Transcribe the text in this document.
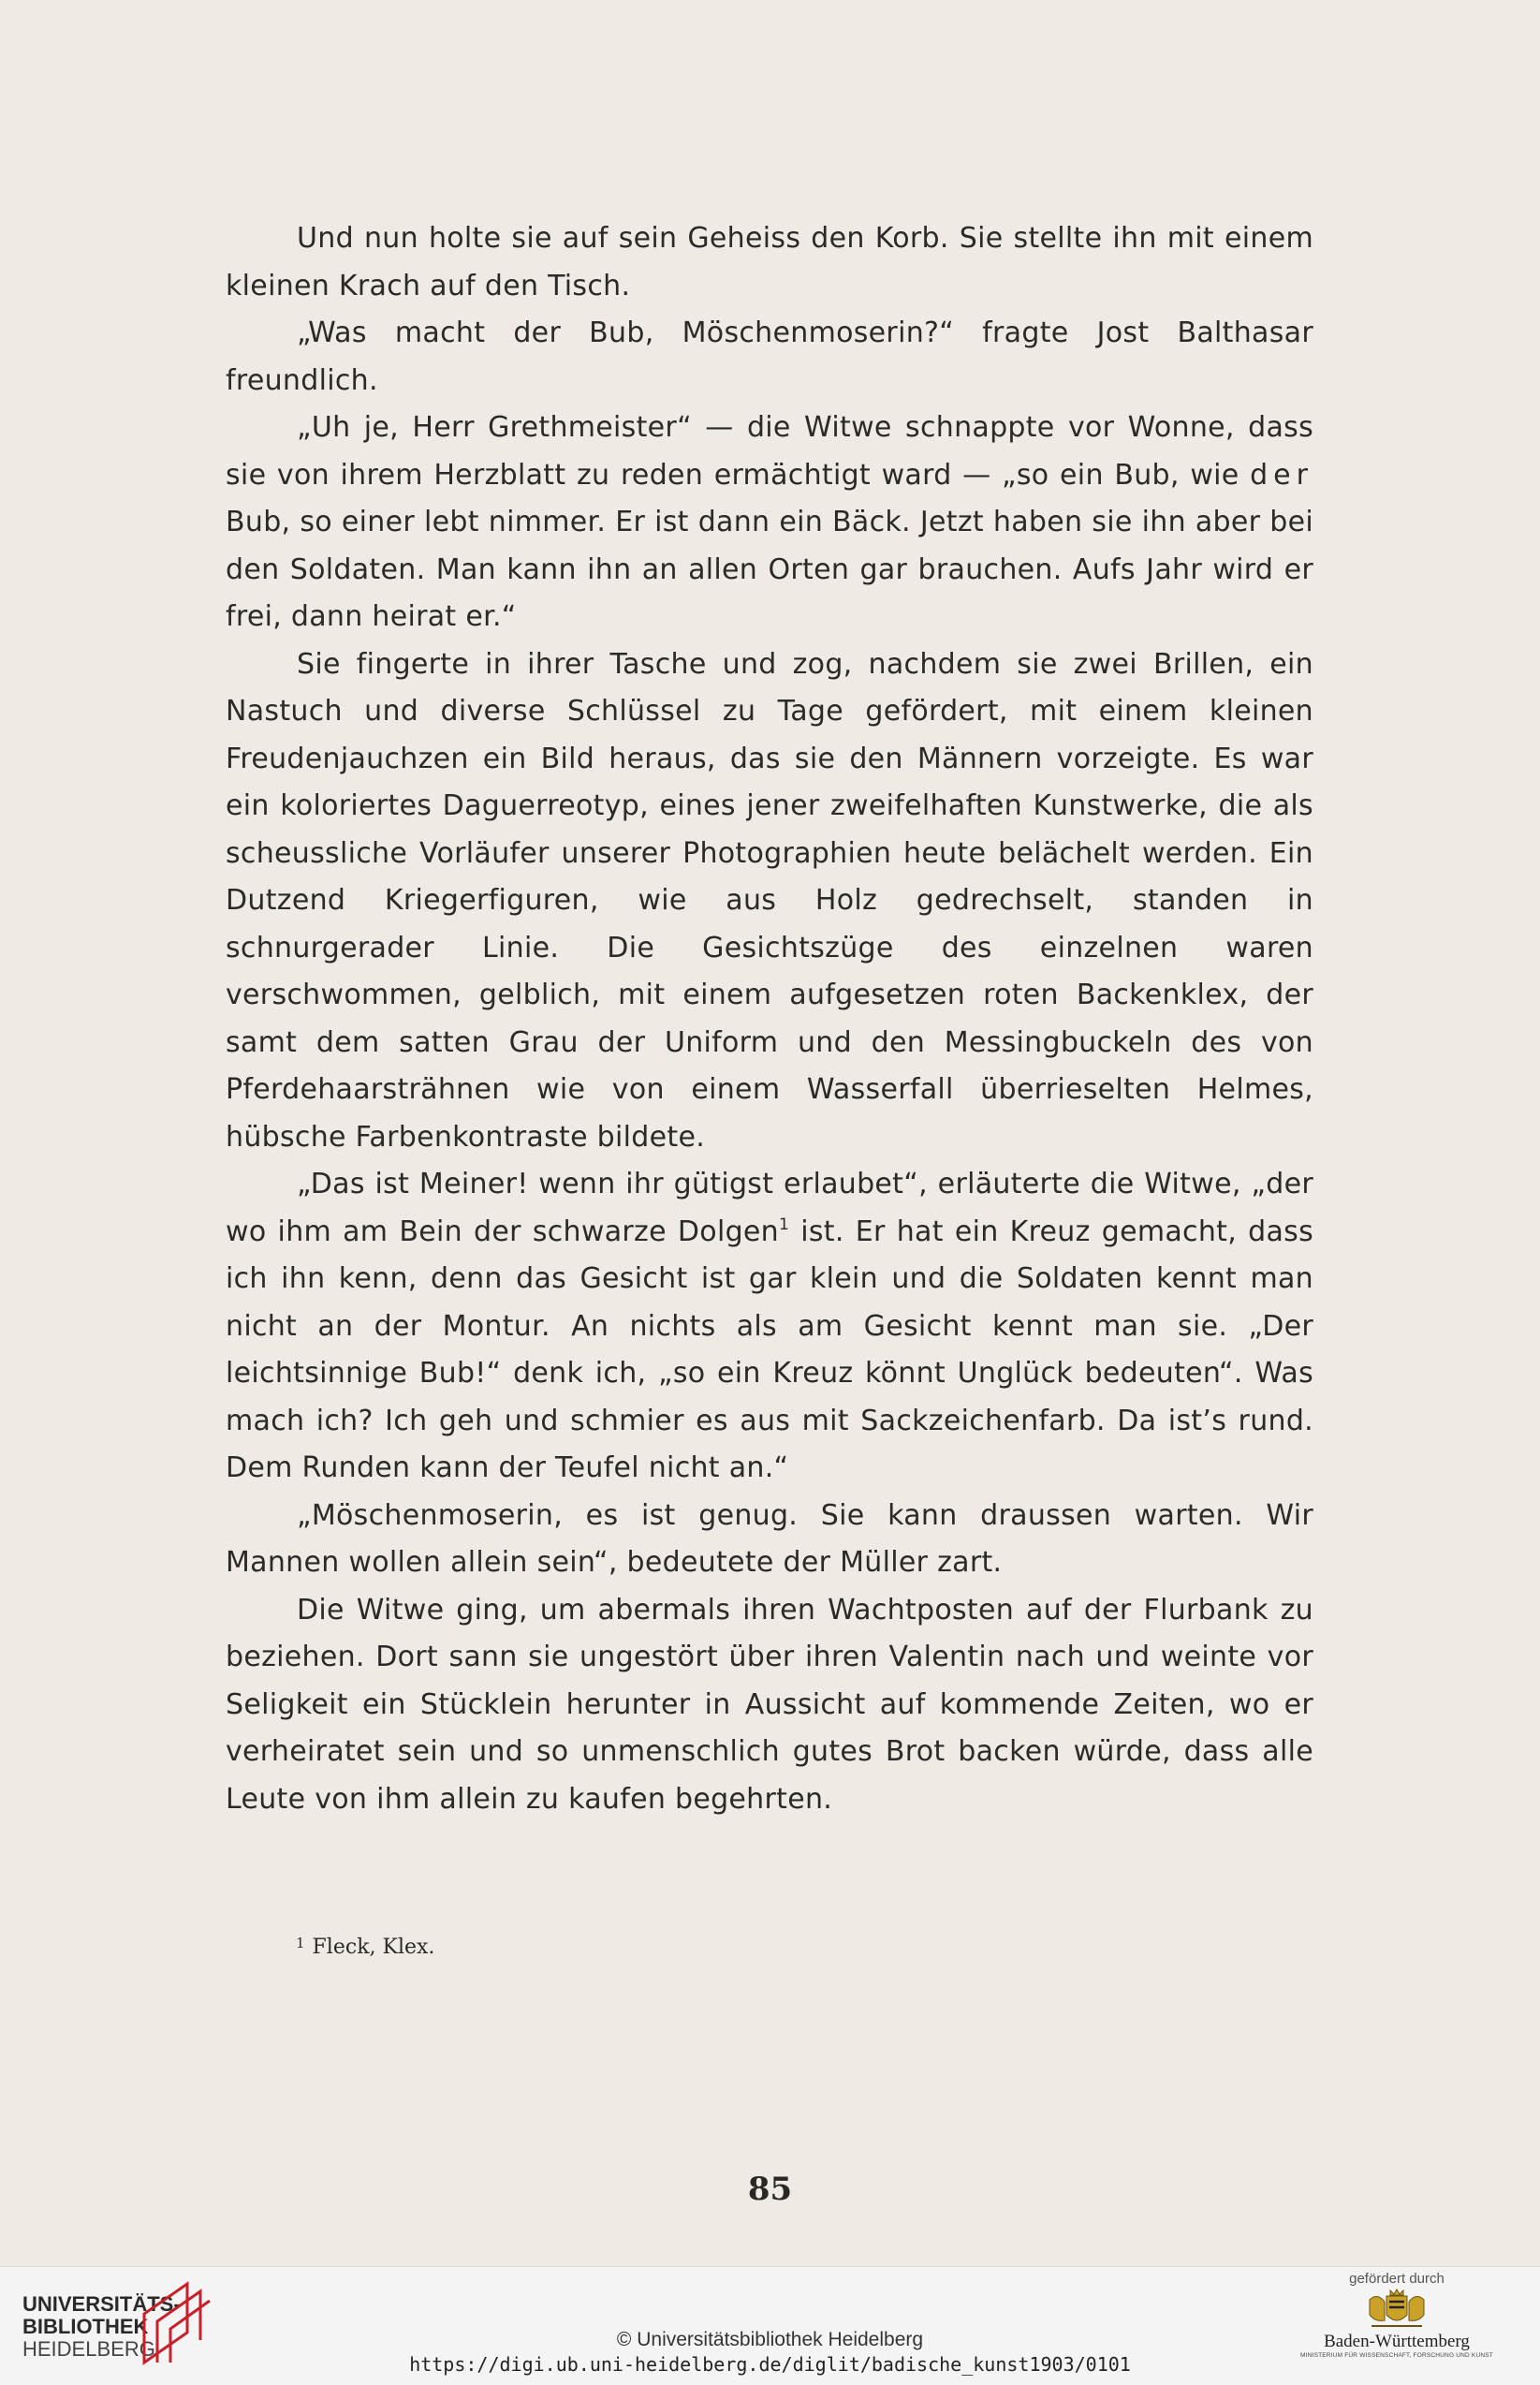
Und nun holte sie auf sein Geheiss den Korb. Sie stellte ihn mit einem kleinen Krach auf den Tisch.

„Was macht der Bub, Möschenmoserin?“ fragte Jost Balthasar freundlich.

„Uh je, Herr Grethmeister“ — die Witwe schnappte vor Wonne, dass sie von ihrem Herzblatt zu reden ermächtigt ward — „so ein Bub, wie der Bub, so einer lebt nimmer. Er ist dann ein Bäck. Jetzt haben sie ihn aber bei den Soldaten. Man kann ihn an allen Orten gar brauchen. Aufs Jahr wird er frei, dann heirat er.“

Sie fingerte in ihrer Tasche und zog, nachdem sie zwei Brillen, ein Nastuch und diverse Schlüssel zu Tage gefördert, mit einem kleinen Freudenjauchzen ein Bild heraus, das sie den Männern vorzeigte. Es war ein koloriertes Daguerreotyp, eines jener zweifelhaften Kunstwerke, die als scheussliche Vorläufer unserer Photographien heute belächelt werden. Ein Dutzend Kriegerfiguren, wie aus Holz gedrechselt, standen in schnurgerader Linie. Die Gesichtszüge des einzelnen waren verschwommen, gelblich, mit einem aufgesetzen roten Backenklex, der samt dem satten Grau der Uniform und den Messingbuckeln des von Pferdehaarsträhnen wie von einem Wasserfall überrieselten Helmes, hübsche Farbenkontraste bildete.

„Das ist Meiner! wenn ihr gütigst erlaubet“, erläuterte die Witwe, „der wo ihm am Bein der schwarze Dolgen$^1$ ist. Er hat ein Kreuz gemacht, dass ich ihn kenn, denn das Gesicht ist gar klein und die Soldaten kennt man nicht an der Montur. An nichts als am Gesicht kennt man sie. „Der leichtsinnige Bub!“ denk ich, „so ein Kreuz könnt Unglück bedeuten“. Was mach ich? Ich geh und schmier es aus mit Sackzeichenfarb. Da ist’s rund. Dem Runden kann der Teufel nicht an.“

„Möschenmoserin, es ist genug. Sie kann draussen warten. Wir Mannen wollen allein sein“, bedeutete der Müller zart.

Die Witwe ging, um abermals ihren Wachtposten auf der Flurbank zu beziehen. Dort sann sie ungestört über ihren Valentin nach und weinte vor Seligkeit ein Stücklein herunter in Aussicht auf kommende Zeiten, wo er verheiratet sein und so unmenschlich gutes Brot backen würde, dass alle Leute von ihm allein zu kaufen begehrten.

$^1$ Fleck, Klex.
85
UNIVERSITÄTS-
BIBLIOTHEK
HEIDELBERG	© Universitätsbibliothek Heidelberg
https://digi.ub.uni-heidelberg.de/diglit/badische_kunst1903/0101
gefördert durch
Baden-Württemberg
MINISTERIUM FÜR WISSENSCHAFT, FORSCHUNG UND KUNST
